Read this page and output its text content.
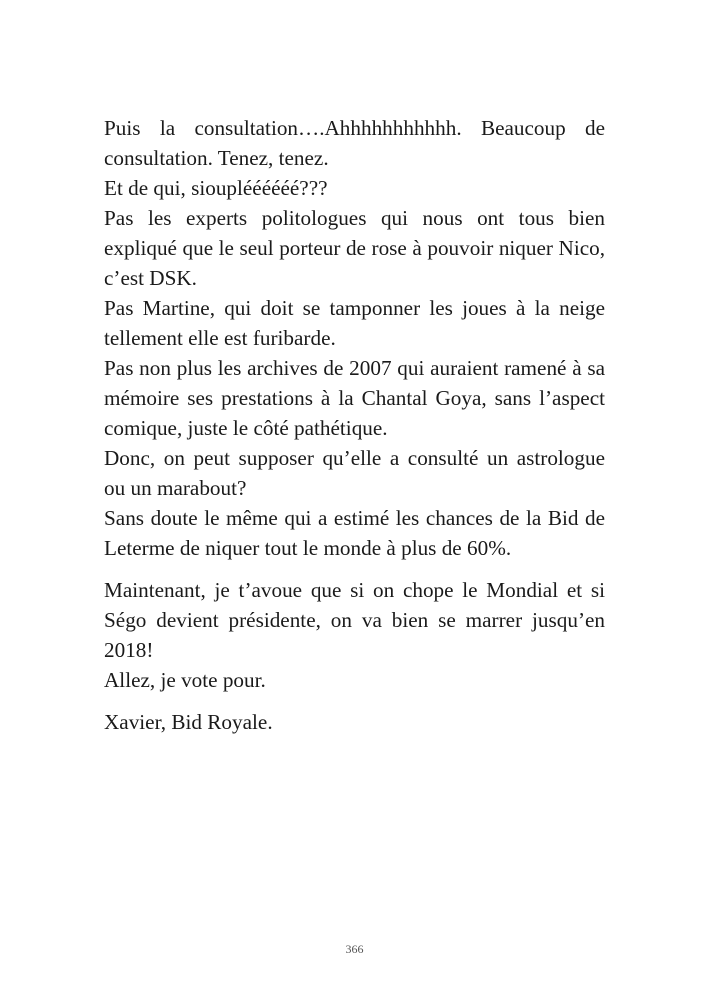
Puis la consultation….Ahhhhhhhhhhh. Beaucoup de consultation. Tenez, tenez.

Et de qui, sioupléééééé???

Pas les experts politologues qui nous ont tous bien expliqué que le seul porteur de rose à pouvoir niquer Nico, c’est DSK.

Pas Martine, qui doit se tamponner les joues à la neige tellement elle est furibarde.

Pas non plus les archives de 2007 qui auraient ramené à sa mémoire ses prestations à la Chantal Goya, sans l’aspect comique, juste le côté pathétique.

Donc, on peut supposer qu’elle a consulté un astrologue ou un marabout?

Sans doute le même qui a estimé les chances de la Bid de Leterme de niquer tout le monde à plus de 60%.

Maintenant, je t’avoue que si on chope le Mondial et si Ségo devient présidente, on va bien se marrer jusqu’en 2018!

Allez, je vote pour.

Xavier, Bid Royale.

366
